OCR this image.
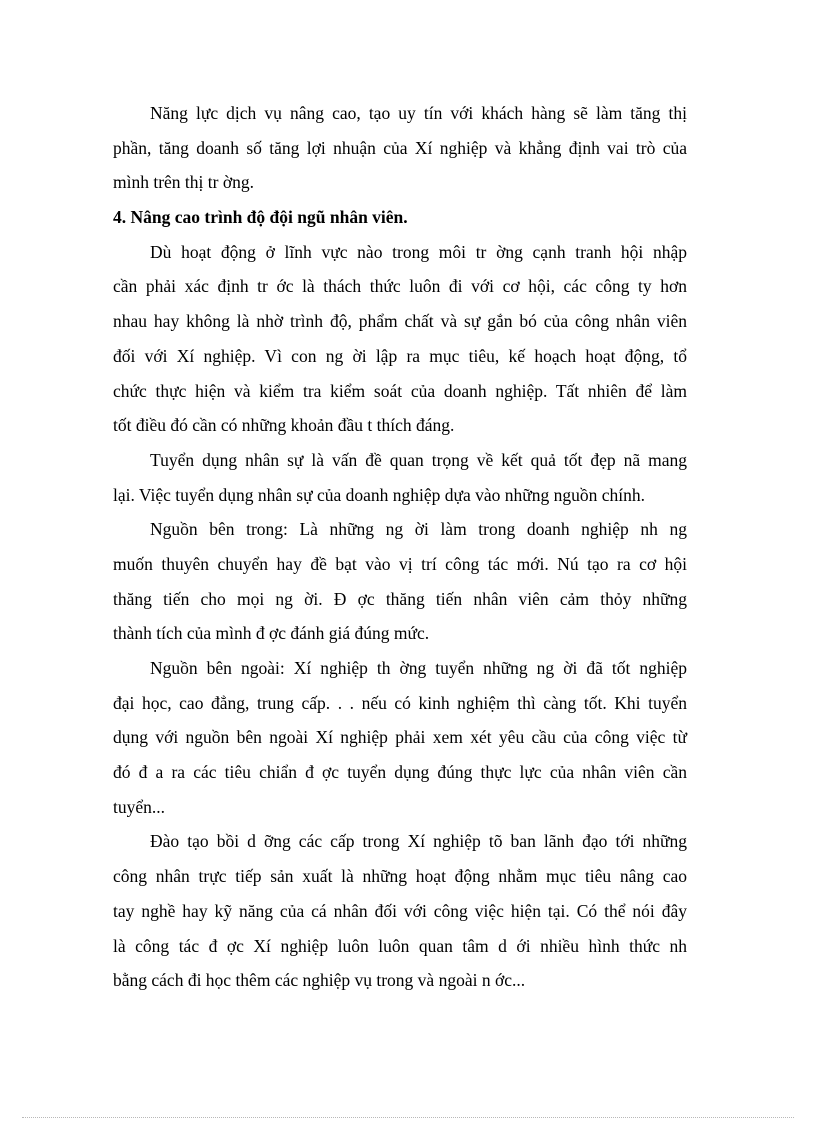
Năng lực dịch vụ nâng cao, tạo uy tín với khách hàng sẽ làm tăng thị
phần, tăng doanh số tăng lợi nhuận của Xí nghiệp và khẳng định vai trò của
mình trên thị tr ờng.
4. Nâng cao trình độ đội ngũ nhân viên.
Dù hoạt động ở lĩnh vực nào trong môi tr ờng cạnh tranh hội nhập
cần phải xác định tr ớc là thách thức luôn đi với cơ hội, các công ty hơn
nhau hay không là nhờ trình độ, phẩm chất và sự gắn bó của công nhân viên
đối với Xí nghiệp. Vì con ng ời lập ra mục tiêu, kế hoạch hoạt động, tổ
chức thực hiện và kiểm tra kiểm soát của doanh nghiệp. Tất nhiên để làm
tốt điều đó cần có những khoản đầu t thích đáng.
Tuyển dụng nhân sự là vấn đề quan trọng về kết quả tốt đẹp nã mang
lại. Việc tuyển dụng nhân sự của doanh nghiệp dựa vào những nguồn chính.
Nguồn bên trong: Là những ng ời làm trong doanh nghiệp nh ng
muốn thuyên chuyển hay đề bạt vào vị trí công tác mới. Nú tạo ra cơ hội
thăng tiến cho mọi ng ời. Đ ợc thăng tiến nhân viên cảm thỏy những
thành tích của mình đ ợc đánh giá đúng mức.
Nguồn bên ngoài: Xí nghiệp th ờng tuyển những ng ời đã tốt nghiệp
đại học, cao đẳng, trung cấp. . . nếu có kinh nghiệm thì càng tốt. Khi tuyển
dụng với nguồn bên ngoài Xí nghiệp phải xem xét yêu cầu của công việc từ
đó đ a ra các tiêu chiẩn đ ợc tuyển dụng đúng thực lực của nhân viên cần
tuyển...
Đào tạo bồi d ỡng các cấp trong Xí nghiệp tõ ban lãnh đạo tới những
công nhân trực tiếp sản xuất là những hoạt động nhằm mục tiêu nâng cao
tay nghề hay kỹ năng của cá nhân đối với công việc hiện tại. Có thể nói đây
là công tác đ ợc Xí nghiệp luôn luôn quan tâm d ới nhiều hình thức nh
bằng cách đi học thêm các nghiệp vụ trong và ngoài n ớc...
